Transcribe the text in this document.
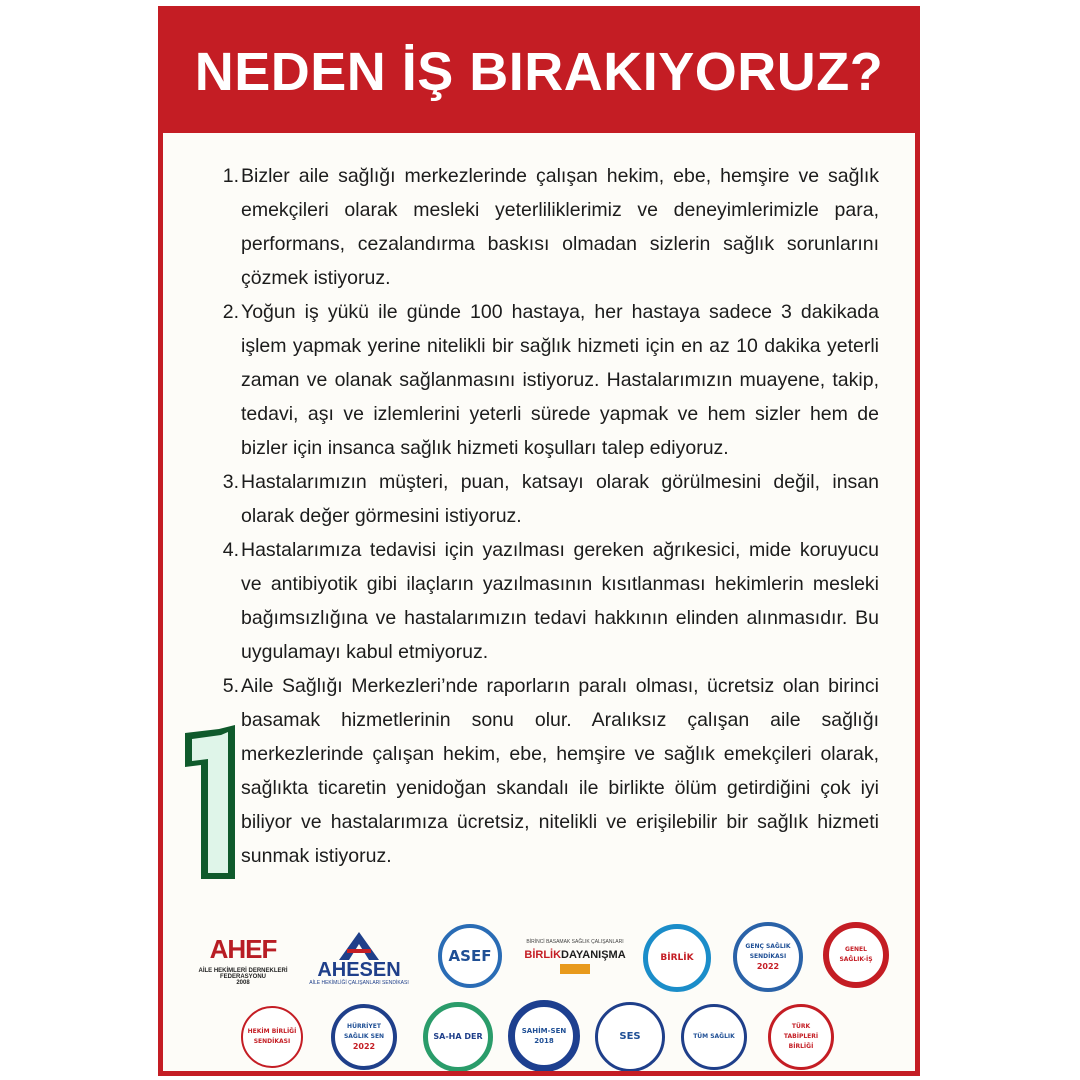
NEDEN İŞ BIRAKIYORUZ?
1. Bizler aile sağlığı merkezlerinde çalışan hekim, ebe, hemşire ve sağlık emekçileri olarak mesleki yeterliliklerimiz ve deneyimlerimizle para, performans, cezalandırma baskısı olmadan sizlerin sağlık sorunlarını çözmek istiyoruz.
2. Yoğun iş yükü ile günde 100 hastaya, her hastaya sadece 3 dakikada işlem yapmak yerine nitelikli bir sağlık hizmeti için en az 10 dakika yeterli zaman ve olanak sağlanmasını istiyoruz. Hastalarımızın muayene, takip, tedavi, aşı ve izlemlerini yeterli sürede yapmak ve hem sizler hem de bizler için insanca sağlık hizmeti koşulları talep ediyoruz.
3. Hastalarımızın müşteri, puan, katsayı olarak görülmesini değil, insan olarak değer görmesini istiyoruz.
4. Hastalarımıza tedavisi için yazılması gereken ağrıkesici, mide koruyucu ve antibiyotik gibi ilaçların yazılmasının kısıtlanması hekimlerin mesleki bağımsızlığına ve hastalarımızın tedavi hakkının elinden alınmasıdır. Bu uygulamayı kabul etmiyoruz.
5. Aile Sağlığı Merkezleri’nde raporların paralı olması, ücretsiz olan birinci basamak hizmetlerinin sonu olur. Aralıksız çalışan aile sağlığı merkezlerinde çalışan hekim, ebe, hemşire ve sağlık emekçileri olarak, sağlıkta ticaretin yenidoğan skandalı ile birlikte ölüm getirdiğini çok iyi biliyor ve hastalarımıza ücretsiz, nitelikli ve erişilebilir bir sağlık hizmeti sunmak istiyoruz.
AHEF
AİLE HEKİMLERİ DERNEKLERİ
FEDERASYONU
2008
AHESEN
AİLE HEKİMLİĞİ ÇALIŞANLARI SENDİKASI
ASEF
BİRİNCİ BASAMAK SAĞLIK ÇALIŞANLARI
BİRLİK DAYANIŞMA	BİRLİK
GENÇ SAĞLIK SENDİKASI
2022
GENEL SAĞLIK-İŞ
HEKİM BİRLİĞİ SENDİKASI
HÜRRİYET SAĞLIK SEN
2022
SA-HA DER
SAHİM-SEN
2018	SES	TÜM SAĞLIK
TÜRK TABİPLERİ BİRLİĞİ
